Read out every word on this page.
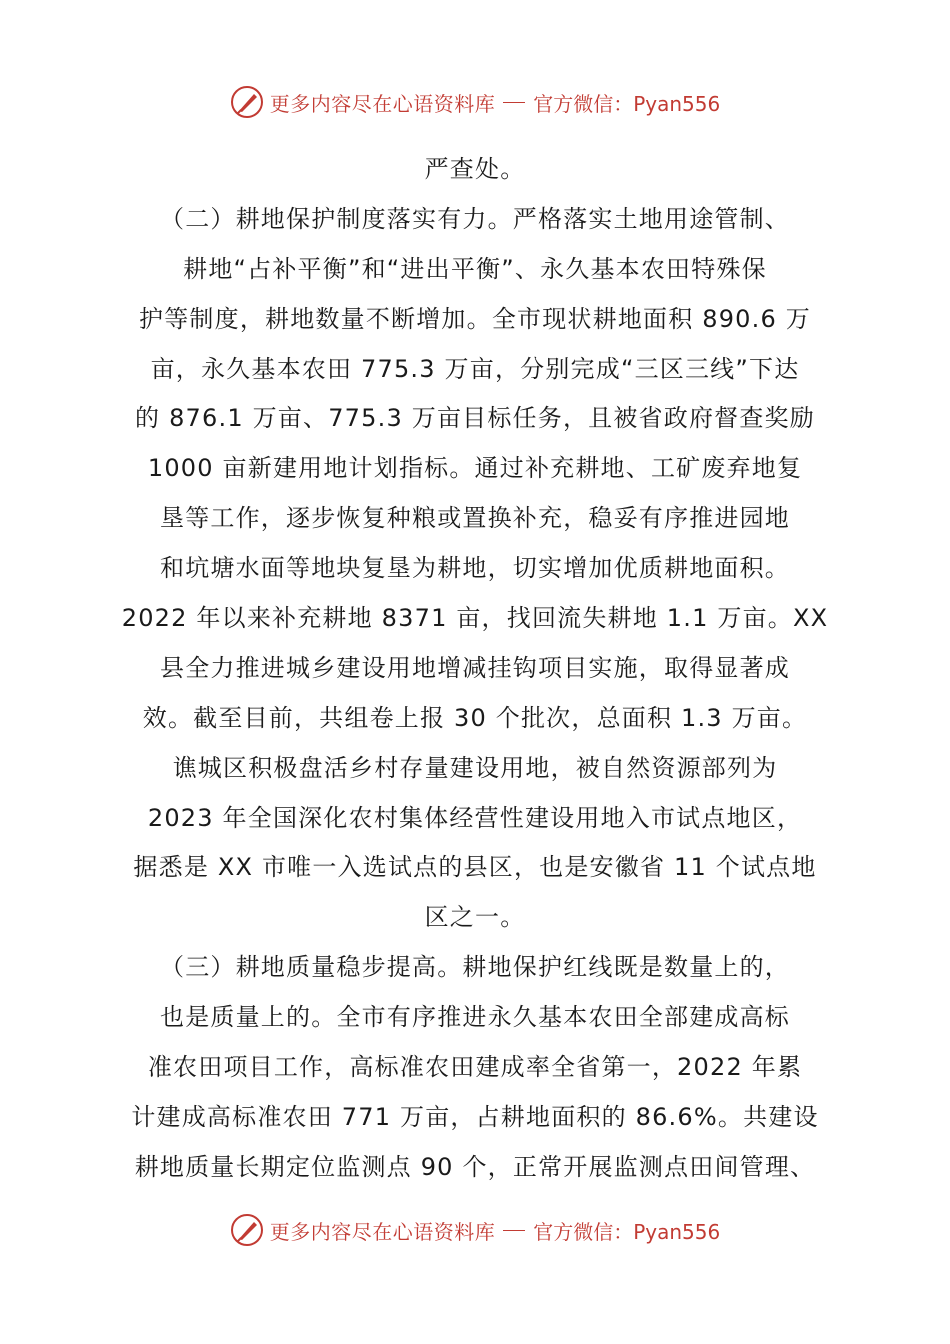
更多内容尽在心语资料库 官方微信：Pyan556
严查处。
（二）耕地保护制度落实有力。严格落实土地用途管制、
耕地“占补平衡”和“进出平衡”、永久基本农田特殊保
护等制度，耕地数量不断增加。全市现状耕地面积 890.6 万
亩，永久基本农田 775.3 万亩，分别完成“三区三线”下达
的 876.1 万亩、775.3 万亩目标任务，且被省政府督查奖励
1000 亩新建用地计划指标。通过补充耕地、工矿废弃地复
垦等工作，逐步恢复种粮或置换补充，稳妥有序推进园地
和坑塘水面等地块复垦为耕地，切实增加优质耕地面积。
2022 年以来补充耕地 8371 亩，找回流失耕地 1.1 万亩。XX
县全力推进城乡建设用地增减挂钩项目实施，取得显著成
效。截至目前，共组卷上报 30 个批次，总面积 1.3 万亩。
谯城区积极盘活乡村存量建设用地，被自然资源部列为
2023 年全国深化农村集体经营性建设用地入市试点地区，
据悉是 XX 市唯一入选试点的县区，也是安徽省 11 个试点地
区之一。
（三）耕地质量稳步提高。耕地保护红线既是数量上的，
也是质量上的。全市有序推进永久基本农田全部建成高标
准农田项目工作，高标准农田建成率全省第一，2022 年累
计建成高标准农田 771 万亩，占耕地面积的 86.6%。共建设
耕地质量长期定位监测点 90 个，正常开展监测点田间管理、
更多内容尽在心语资料库 官方微信：Pyan556
